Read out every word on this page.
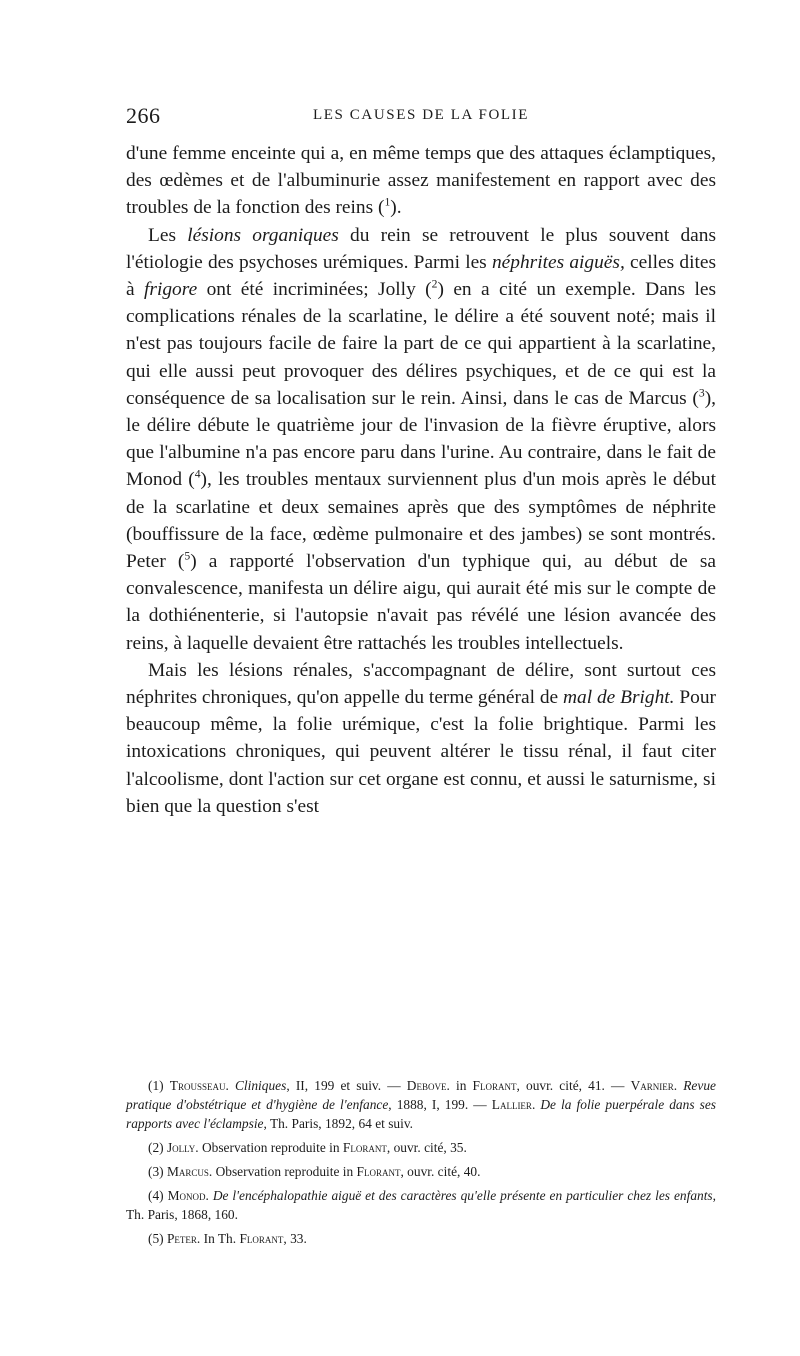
266	LES CAUSES DE LA FOLIE

d'une femme enceinte qui a, en même temps que des attaques éclamptiques, des œdèmes et de l'albuminurie assez manifestement en rapport avec des troubles de la fonction des reins ($^1$).

Les lésions organiques du rein se retrouvent le plus souvent dans l'étiologie des psychoses urémiques. Parmi les néphrites aiguës, celles dites à frigore ont été incriminées; Jolly ($^2$) en a cité un exemple. Dans les complications rénales de la scarlatine, le délire a été souvent noté; mais il n'est pas toujours facile de faire la part de ce qui appartient à la scarlatine, qui elle aussi peut provoquer des délires psychiques, et de ce qui est la conséquence de sa localisation sur le rein. Ainsi, dans le cas de Marcus ($^3$), le délire débute le quatrième jour de l'invasion de la fièvre éruptive, alors que l'albumine n'a pas encore paru dans l'urine. Au contraire, dans le fait de Monod ($^4$), les troubles mentaux surviennent plus d'un mois après le début de la scarlatine et deux semaines après que des symptômes de néphrite (bouffissure de la face, œdème pulmonaire et des jambes) se sont montrés. Peter ($^5$) a rapporté l'observation d'un typhique qui, au début de sa convalescence, manifesta un délire aigu, qui aurait été mis sur le compte de la dothiénenterie, si l'autopsie n'avait pas révélé une lésion avancée des reins, à laquelle devaient être rattachés les troubles intellectuels.

Mais les lésions rénales, s'accompagnant de délire, sont surtout ces néphrites chroniques, qu'on appelle du terme général de mal de Bright. Pour beaucoup même, la folie urémique, c'est la folie brightique. Parmi les intoxications chroniques, qui peuvent altérer le tissu rénal, il faut citer l'alcoolisme, dont l'action sur cet organe est connu, et aussi le saturnisme, si bien que la question s'est

(1) Trousseau. Cliniques, II, 199 et suiv. — Debove. in Florant, ouvr. cité, 41. — Varnier. Revue pratique d'obstétrique et d'hygiène de l'enfance, 1888, I, 199. — Lallier. De la folie puerpérale dans ses rapports avec l'éclampsie, Th. Paris, 1892, 64 et suiv.

(2) Jolly. Observation reproduite in Florant, ouvr. cité, 35.

(3) Marcus. Observation reproduite in Florant, ouvr. cité, 40.

(4) Monod. De l'encéphalopathie aiguë et des caractères qu'elle présente en particulier chez les enfants, Th. Paris, 1868, 160.

(5) Peter. In Th. Florant, 33.
